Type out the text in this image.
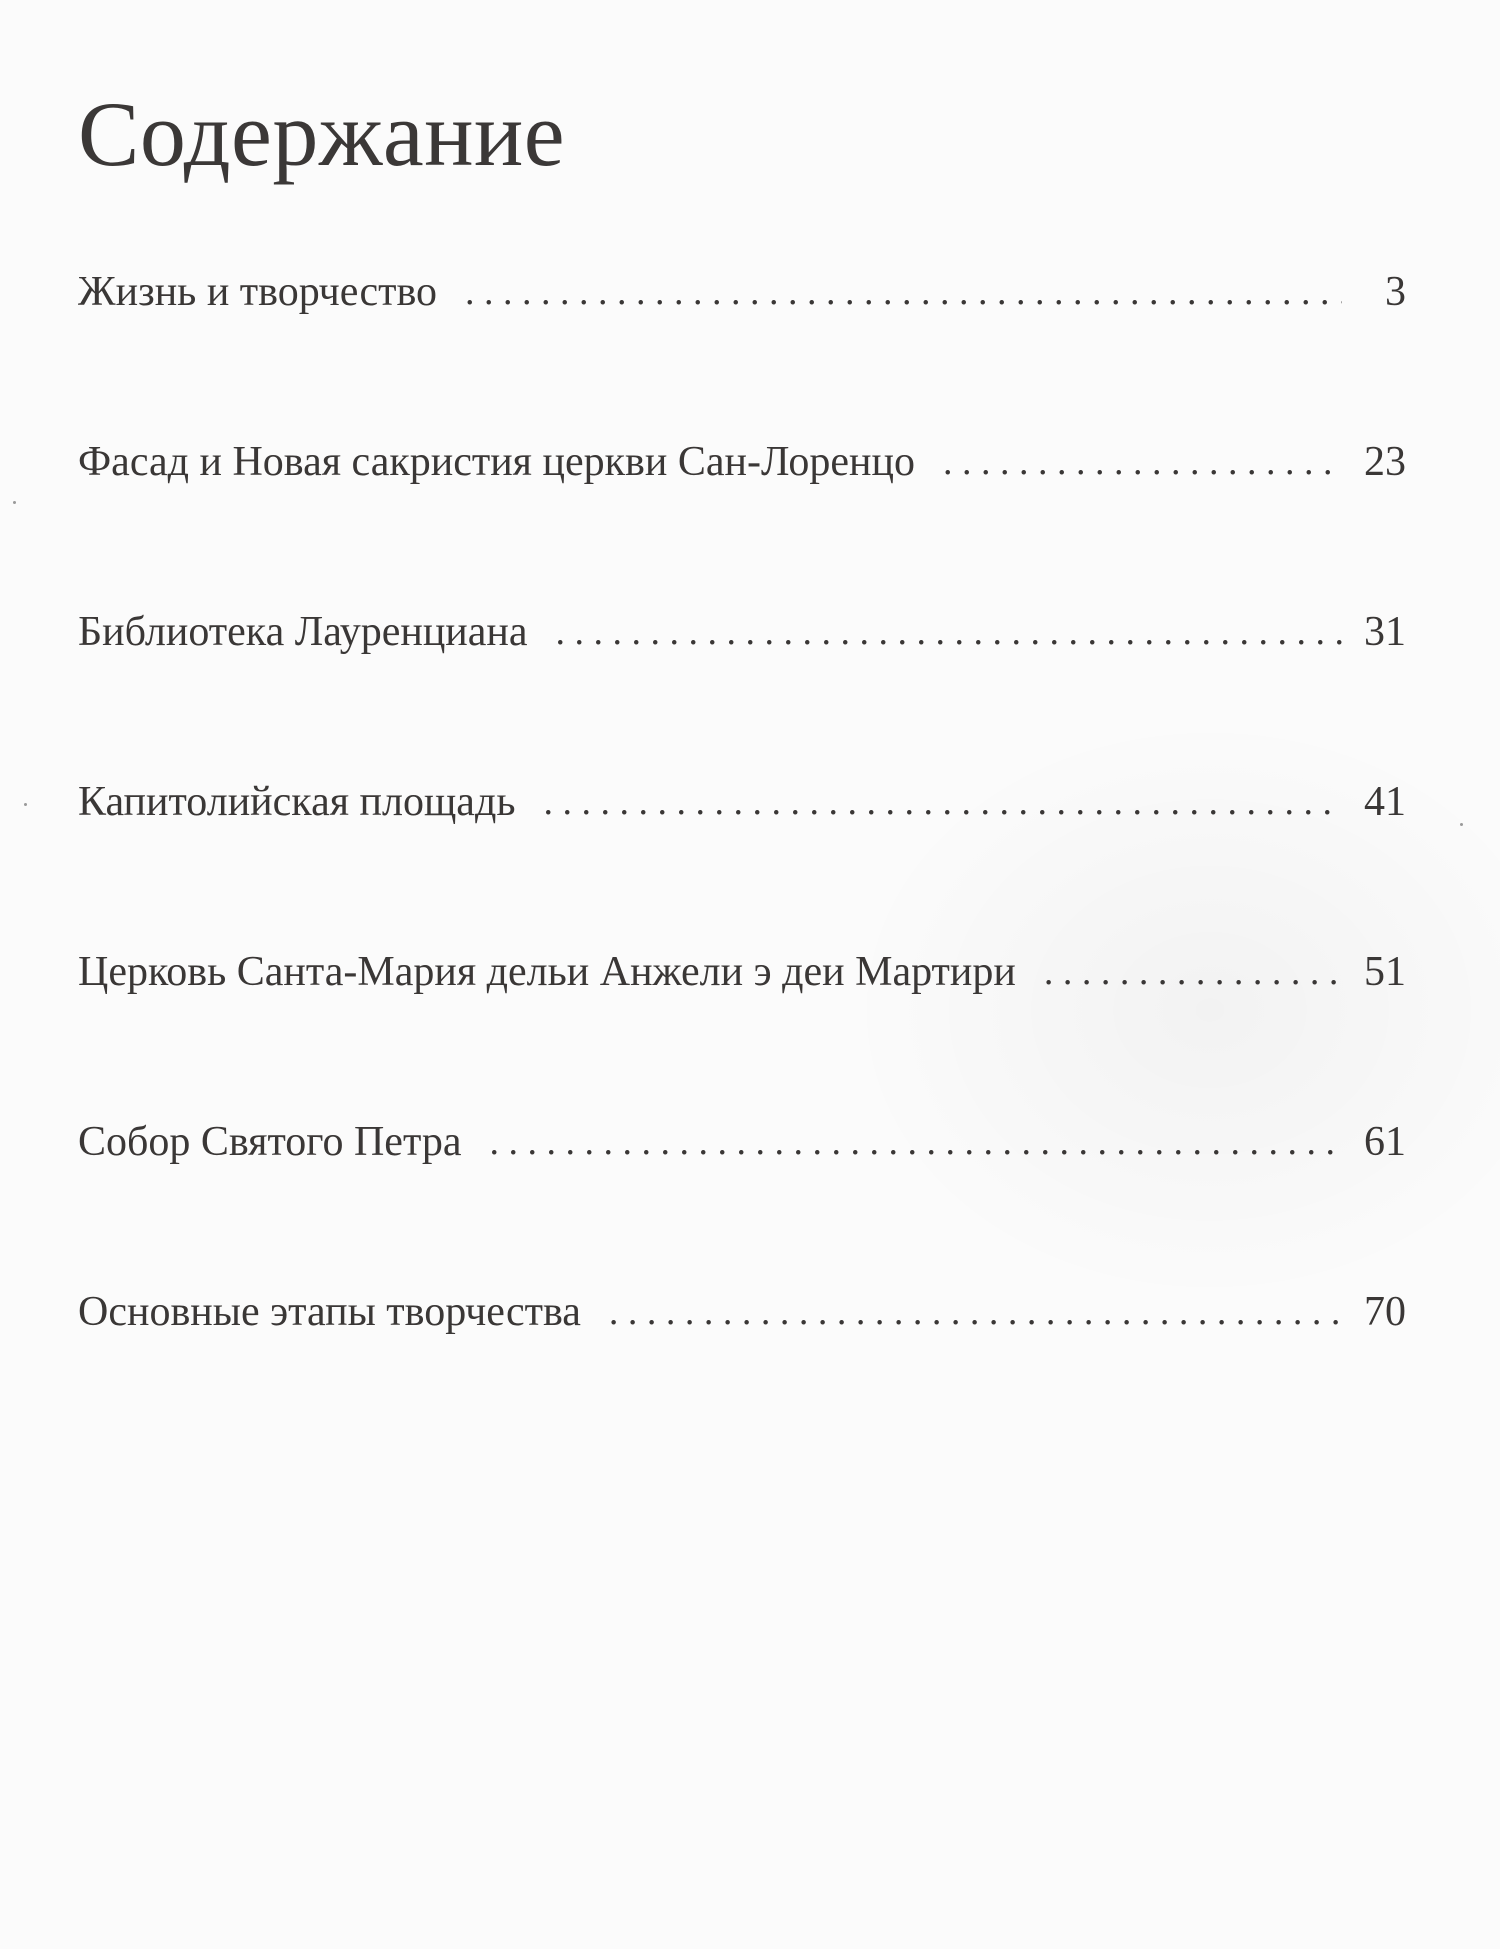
Содержание
Жизнь и творчество . . .	3
Фасад и Новая сакристия церкви Сан-Лоренцо . . .	23
Библиотека Лауренциана . . .	31
Капитолийская площадь . . .	41
Церковь Санта-Мария дельи Анжели э деи Мартири . . .	51
Собор Святого Петра . . .	61
Основные этапы творчества . . .	70
